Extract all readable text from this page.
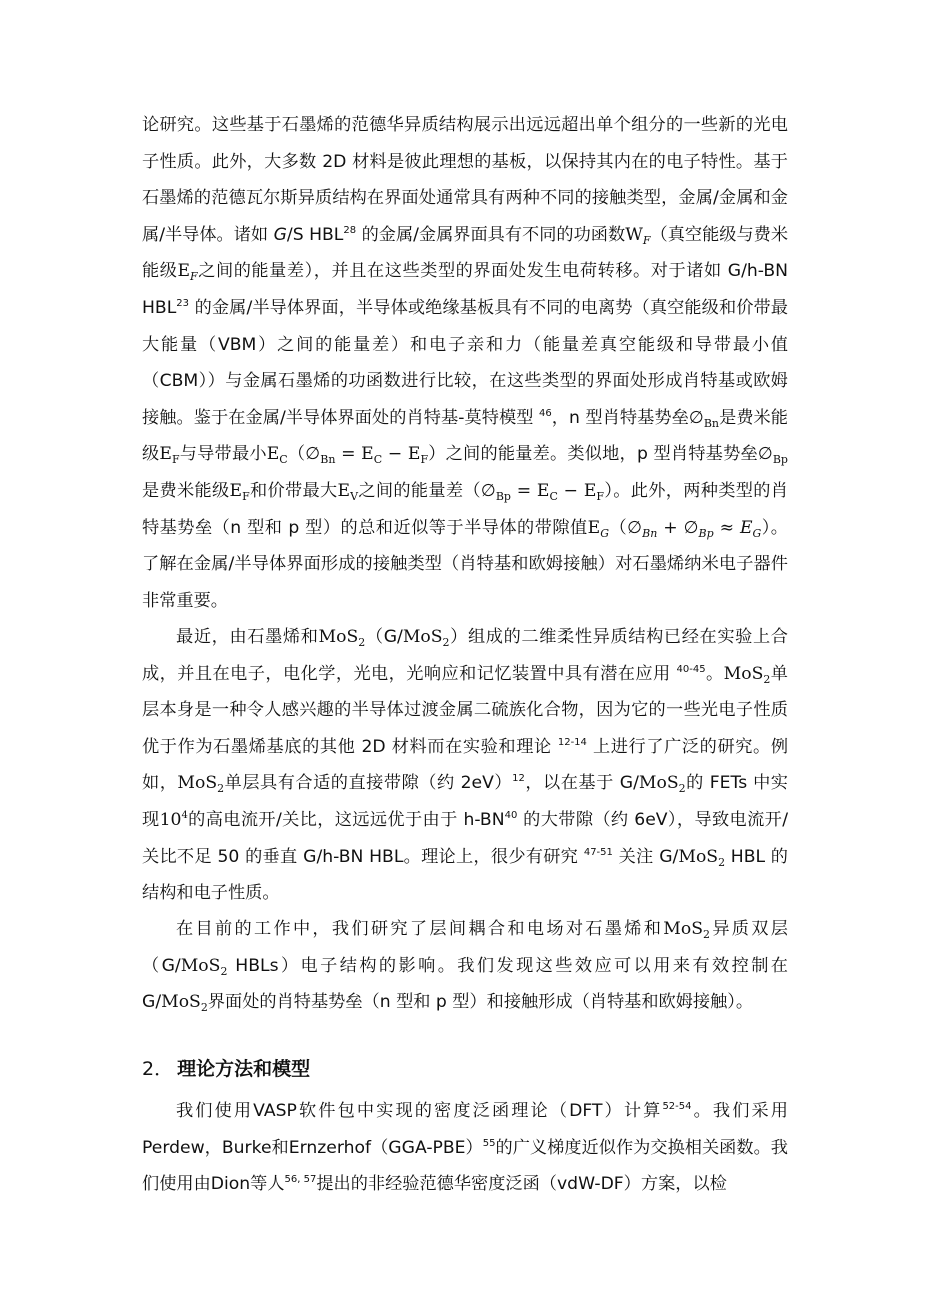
论研究。这些基于石墨烯的范德华异质结构展示出远远超出单个组分的一些新的光电子性质。此外，大多数 2D 材料是彼此理想的基板，以保持其内在的电子特性。基于石墨烯的范德瓦尔斯异质结构在界面处通常具有两种不同的接触类型，金属/金属和金属/半导体。诸如 G/S HBL$^{28}$ 的金属/金属界面具有不同的功函数$W_F$（真空能级与费米能级$E_F$之间的能量差），并且在这些类型的界面处发生电荷转移。对于诸如 G/h-BN HBL$^{23}$ 的金属/半导体界面，半导体或绝缘基板具有不同的电离势（真空能级和价带最大能量（VBM）之间的能量差）和电子亲和力（能量差真空能级和导带最小值（CBM））与金属石墨烯的功函数进行比较，在这些类型的界面处形成肖特基或欧姆接触。鉴于在金属/半导体界面处的肖特基-莫特模型 $^{46}$，n 型肖特基势垒$\emptyset_{Bn}$是费米能级$E_F$与导带最小$E_C(\emptyset_{Bn} = E_C - E_F)$之间的能量差。类似地，p 型肖特基势垒$\emptyset_{Bp}$是费米能级$E_F$和价带最大$E_V$之间的能量差$(\emptyset_{Bp} = E_C - E_F)$。此外，两种类型的肖特基势垒（n 型和 p 型）的总和近似等于半导体的带隙值$E_G(\emptyset_{Bn}$ + $\emptyset_{Bp} \approx E_G$）。了解在金属/半导体界面形成的接触类型（肖特基和欧姆接触）对石墨烯纳米电子器件非常重要。

最近，由石墨烯和MoS$_2$（G/MoS$_2$）组成的二维柔性异质结构已经在实验上合成，并且在电子，电化学，光电，光响应和记忆装置中具有潜在应用 $^{40-45}$。MoS$_2$单层本身是一种令人感兴趣的半导体过渡金属二硫族化合物，因为它的一些光电子性质优于作为石墨烯基底的其他 2D 材料而在实验和理论 $^{12-14}$ 上进行了广泛的研究。例如，MoS$_2$单层具有合适的直接带隙（约 2eV）$^{12}$，以在基于 G/MoS$_2$的 FETs 中实现$10^4$的高电流开/关比，这远远优于由于 h-BN$^{40}$ 的大带隙（约 6eV），导致电流开/关比不足 50 的垂直 G/h-BN HBL。理论上，很少有研究 $^{47-51}$ 关注 G/MoS$_2$ HBL 的结构和电子性质。

在目前的工作中，我们研究了层间耦合和电场对石墨烯和MoS$_2$异质双层（G/MoS$_2$ HBLs）电子结构的影响。我们发现这些效应可以用来有效控制在 G/MoS$_2$界面处的肖特基势垒（n 型和 p 型）和接触形成（肖特基和欧姆接触）。

2． 理论方法和模型

我们使用VASP软件包中实现的密度泛函理论（DFT）计算$^{52-54}$。我们采用 Perdew，Burke和$Ernzerhof(GGA-PBE)^{55}$的广义梯度近似作为交换相关函数。我们使用由Dion等人$^{56, 57}$提出的非经验范德华密度泛函（vdW-DF）方案，以检
